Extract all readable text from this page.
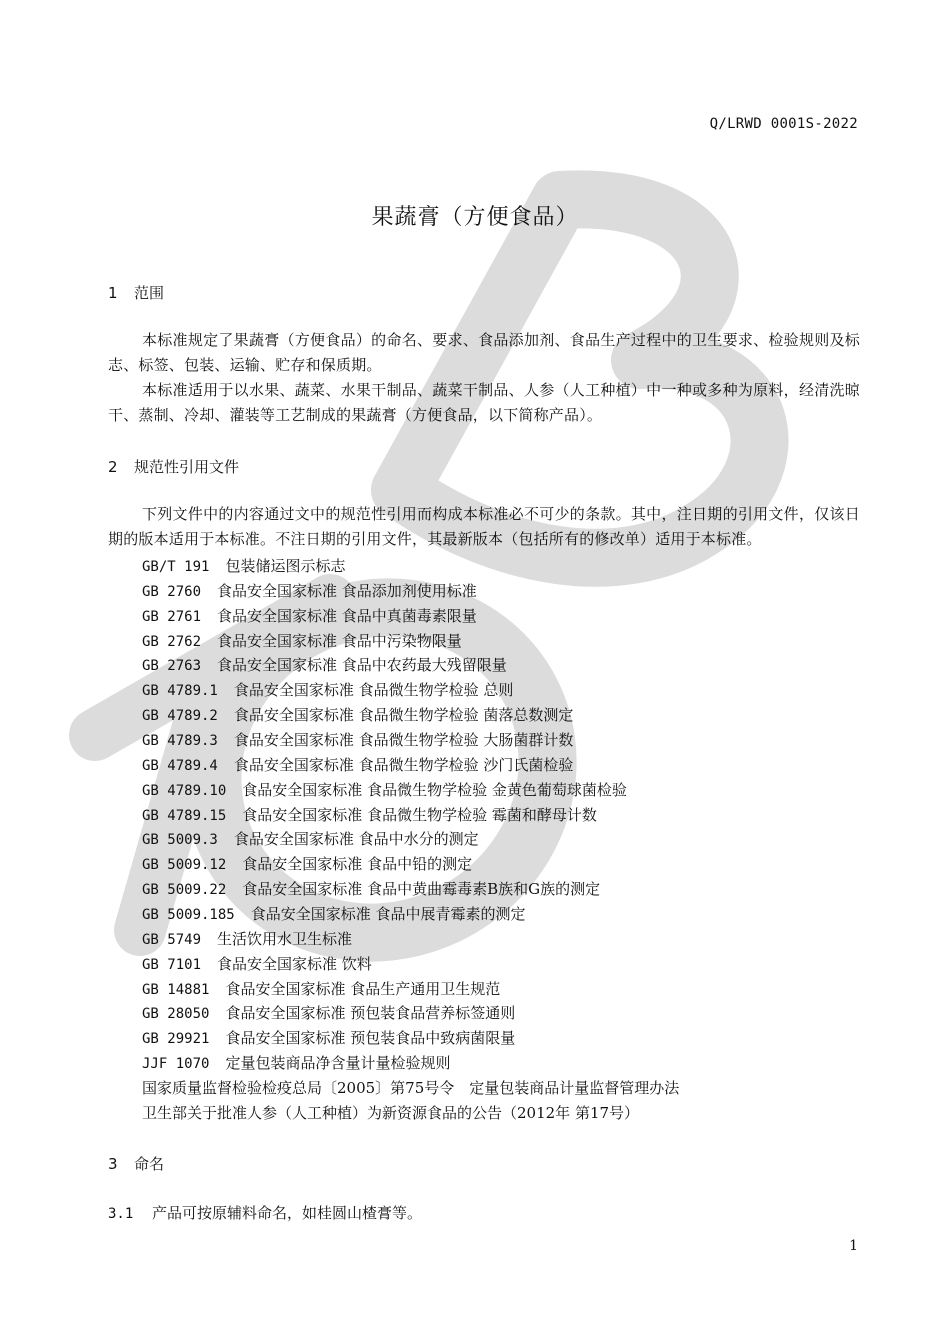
Q/LRWD 0001S-2022
果蔬膏（方便食品）
1 范围
本标准规定了果蔬膏（方便食品）的命名、要求、食品添加剂、食品生产过程中的卫生要求、检验规则及标志、标签、包装、运输、贮存和保质期。
本标准适用于以水果、蔬菜、水果干制品、蔬菜干制品、人参（人工种植）中一种或多种为原料，经清洗晾干、蒸制、冷却、灌装等工艺制成的果蔬膏（方便食品，以下简称产品）。
2 规范性引用文件
下列文件中的内容通过文中的规范性引用而构成本标准必不可少的条款。其中，注日期的引用文件，仅该日期的版本适用于本标准。不注日期的引用文件，其最新版本（包括所有的修改单）适用于本标准。
GB/T 191 包装储运图示标志
GB 2760 食品安全国家标准 食品添加剂使用标准
GB 2761 食品安全国家标准 食品中真菌毒素限量
GB 2762 食品安全国家标准 食品中污染物限量
GB 2763 食品安全国家标准 食品中农药最大残留限量
GB 4789.1 食品安全国家标准 食品微生物学检验 总则
GB 4789.2 食品安全国家标准 食品微生物学检验 菌落总数测定
GB 4789.3 食品安全国家标准 食品微生物学检验 大肠菌群计数
GB 4789.4 食品安全国家标准 食品微生物学检验 沙门氏菌检验
GB 4789.10 食品安全国家标准 食品微生物学检验 金黄色葡萄球菌检验
GB 4789.15 食品安全国家标准 食品微生物学检验 霉菌和酵母计数
GB 5009.3 食品安全国家标准 食品中水分的测定
GB 5009.12 食品安全国家标准 食品中铅的测定
GB 5009.22 食品安全国家标准 食品中黄曲霉毒素B族和G族的测定
GB 5009.185 食品安全国家标准 食品中展青霉素的测定
GB 5749 生活饮用水卫生标准
GB 7101 食品安全国家标准 饮料
GB 14881 食品安全国家标准 食品生产通用卫生规范
GB 28050 食品安全国家标准 预包装食品营养标签通则
GB 29921 食品安全国家标准 预包装食品中致病菌限量
JJF 1070 定量包装商品净含量计量检验规则
国家质量监督检验检疫总局〔2005〕第75号令　定量包装商品计量监督管理办法
卫生部关于批准人参（人工种植）为新资源食品的公告（2012年 第17号）
3 命名
3.1 产品可按原辅料命名，如桂圆山楂膏等。
1
